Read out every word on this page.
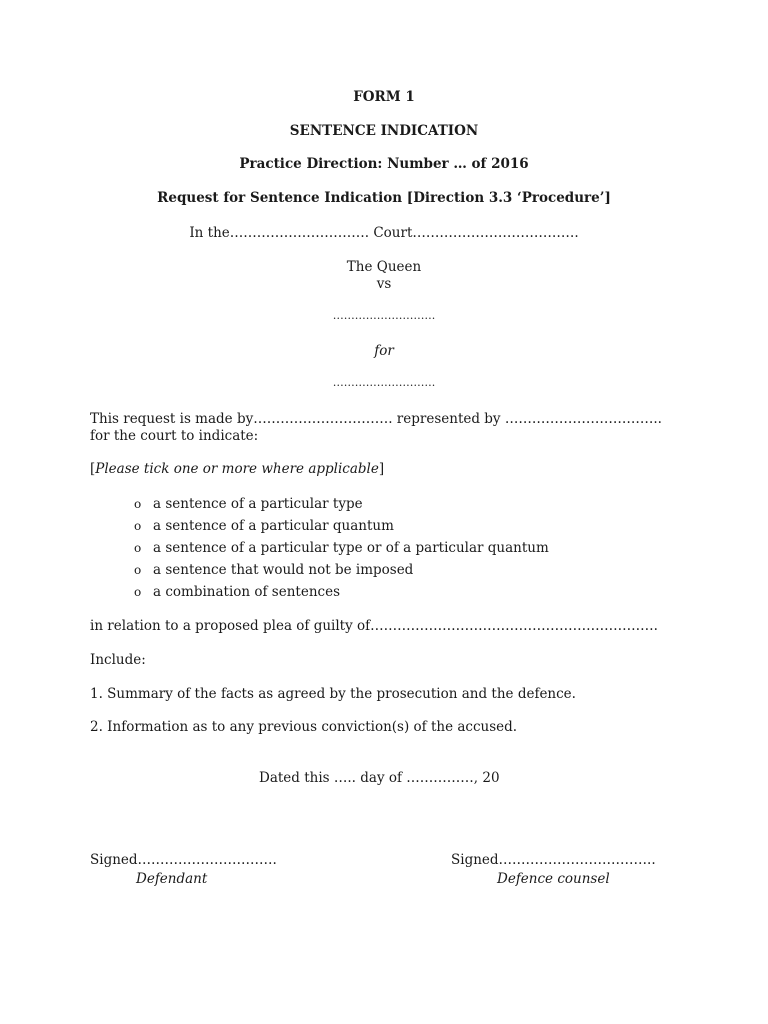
FORM 1
SENTENCE INDICATION
Practice Direction: Number … of 2016
Request for Sentence Indication [Direction 3.3 ‘Procedure’]
In the…………………………. Court……………………………….
The Queen
vs
……………………….
for
……………………….
This request is made by…………………………. represented by ……………………………..
for the court to indicate:
[Please tick one or more where applicable]
o a sentence of a particular type
o a sentence of a particular quantum
o a sentence of a particular type or of a particular quantum
o a sentence that would not be imposed
o a combination of sentences
in relation to a proposed plea of guilty of……………………………………………………….
Include:
1. Summary of the facts as agreed by the prosecution and the defence.
2. Information as to any previous conviction(s) of the accused.
Dated this ….. day of ……………, 20
Signed………………………….
Defendant
Signed……………………………..
Defence counsel
